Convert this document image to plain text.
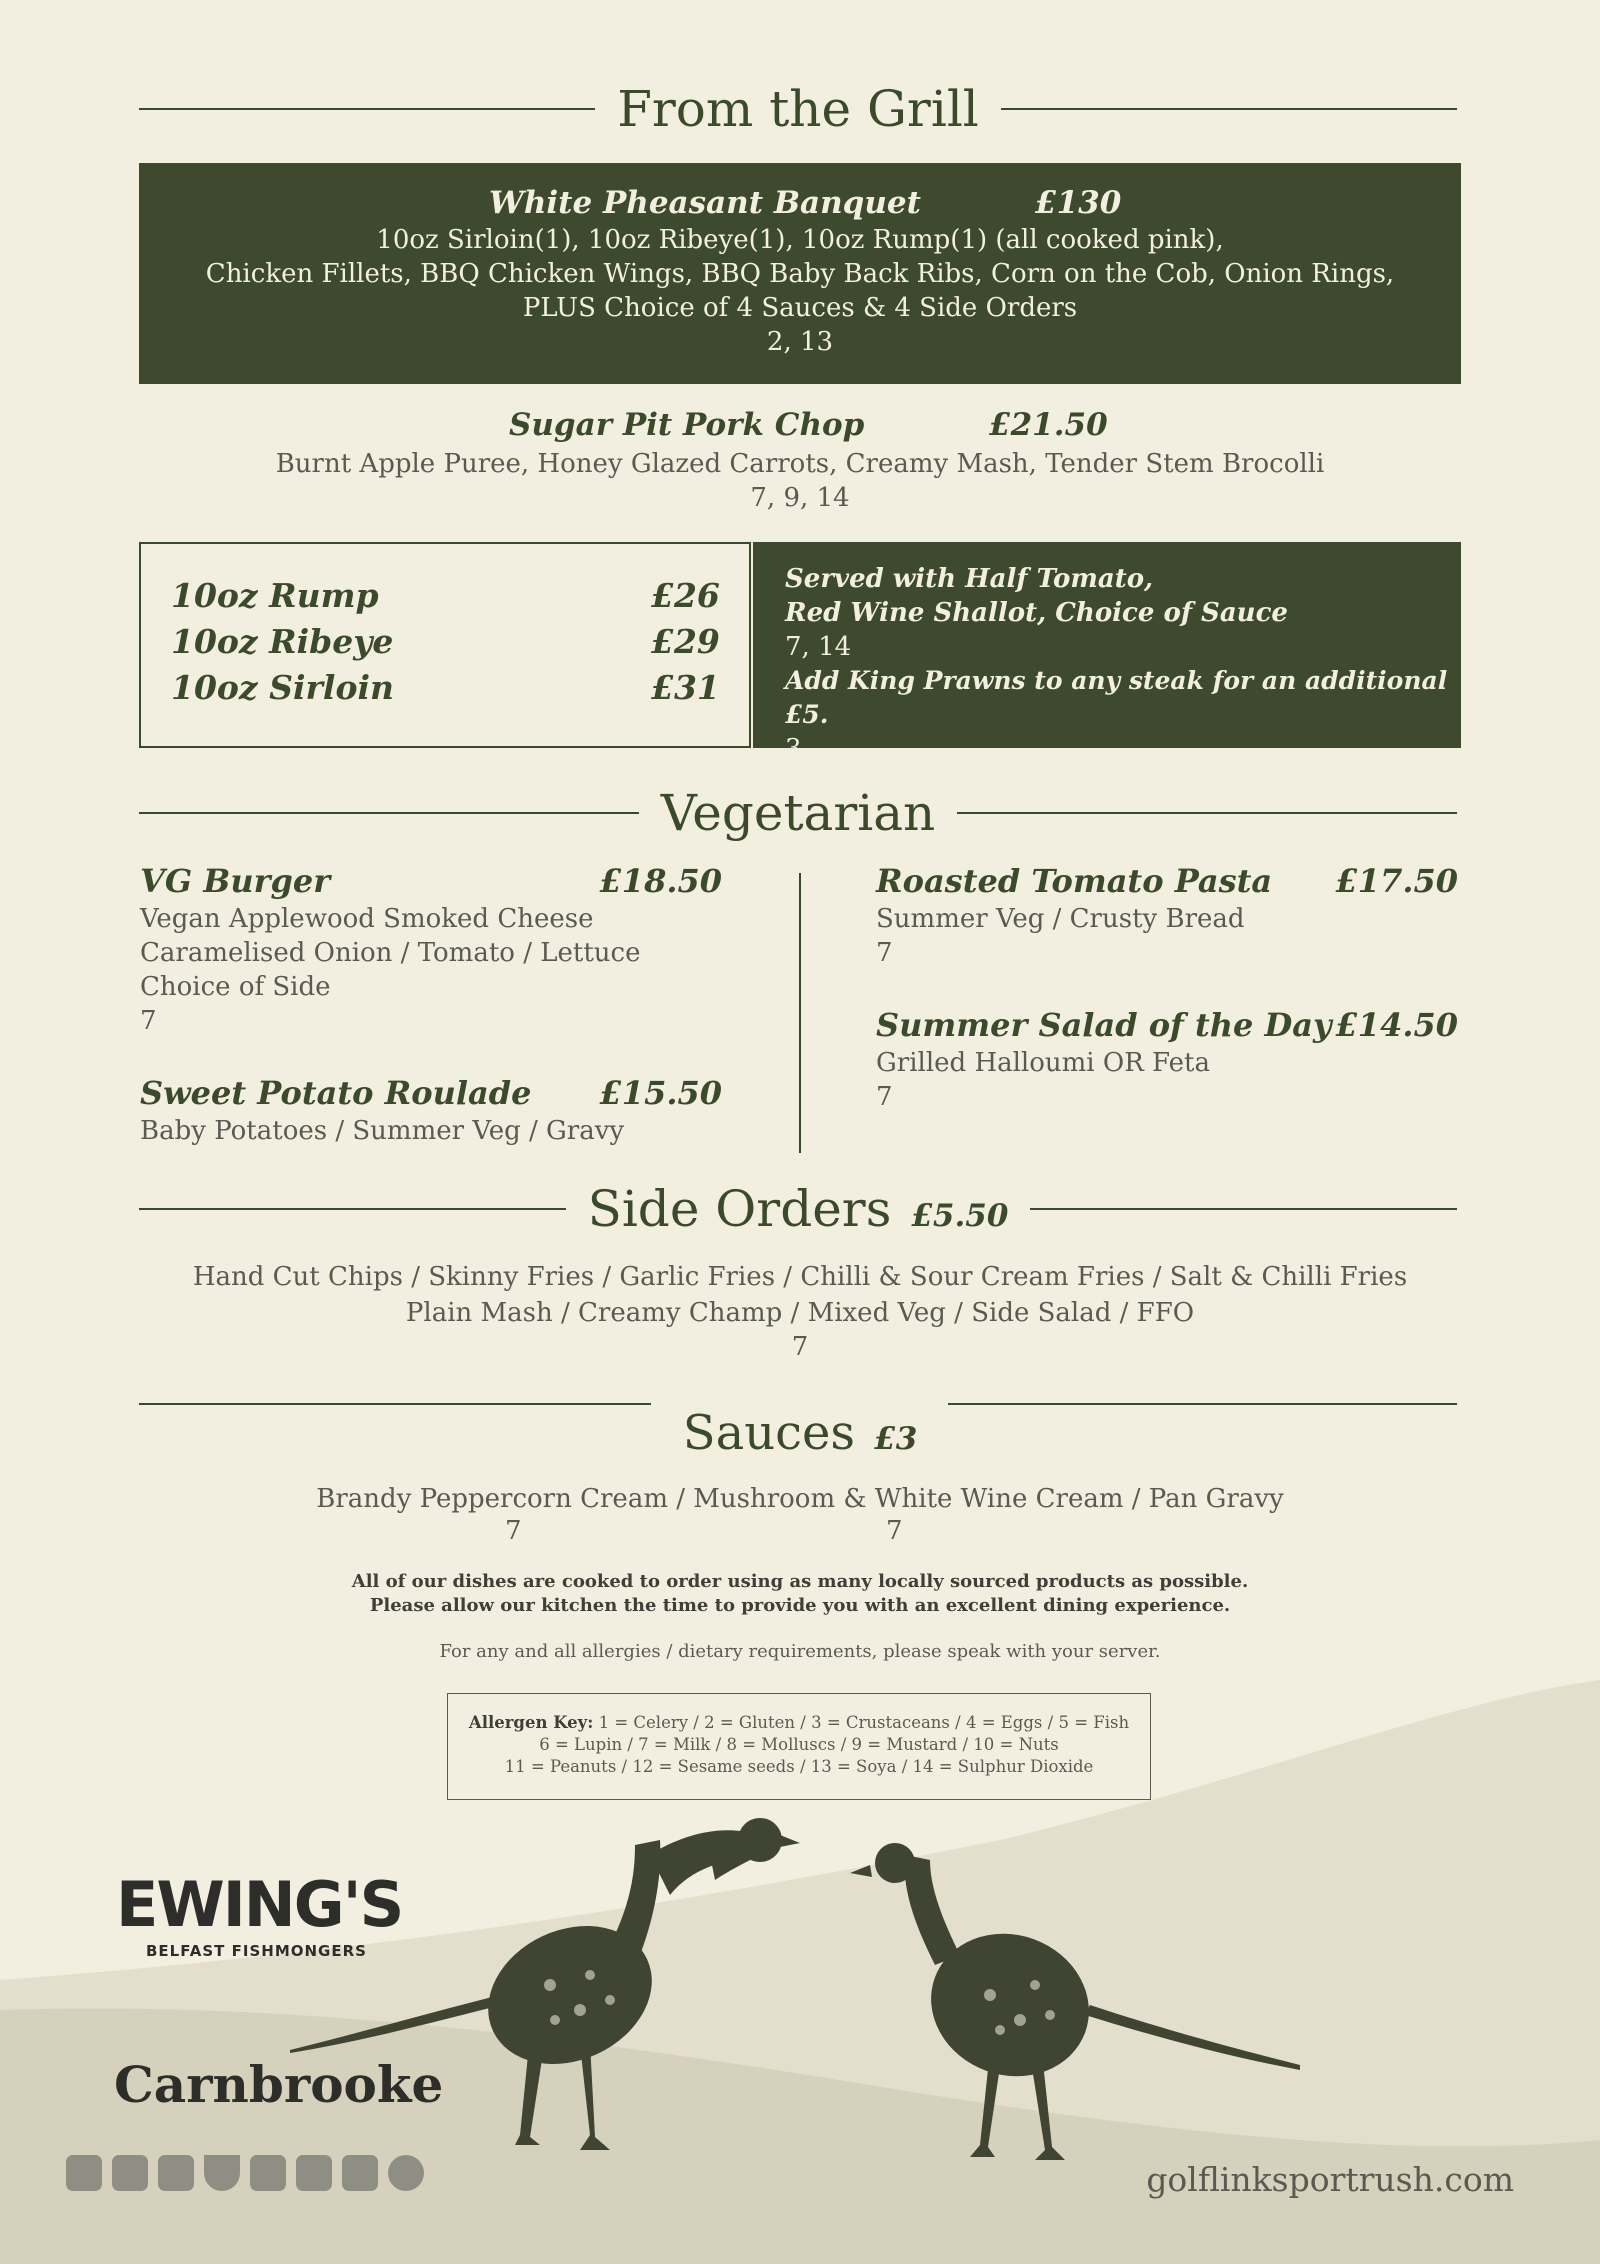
From the Grill
White Pheasant Banquet	£130
10oz Sirloin(1), 10oz Ribeye(1), 10oz Rump(1) (all cooked pink),
Chicken Fillets, BBQ Chicken Wings, BBQ Baby Back Ribs, Corn on the Cob, Onion Rings,
PLUS Choice of 4 Sauces & 4 Side Orders
2, 13
Sugar Pit Pork Chop	£21.50
Burnt Apple Puree, Honey Glazed Carrots, Creamy Mash, Tender Stem Brocolli
7, 9, 14
10oz Rump	£26
10oz Ribeye	£29
10oz Sirloin	£31
Served with Half Tomato,
Red Wine Shallot, Choice of Sauce
7, 14
Add King Prawns to any steak for an additional £5.
3
Vegetarian
VG Burger	£18.50
Vegan Applewood Smoked Cheese
Caramelised Onion / Tomato / Lettuce
Choice of Side
7
Sweet Potato Roulade £15.50
Baby Potatoes / Summer Veg / Gravy
Roasted Tomato Pasta £17.50
Summer Veg / Crusty Bread
7
Summer Salad of the Day £14.50
Grilled Halloumi OR Feta
7
Side Orders £5.50
Hand Cut Chips / Skinny Fries / Garlic Fries / Chilli & Sour Cream Fries / Salt & Chilli Fries
Plain Mash / Creamy Champ / Mixed Veg / Side Salad / FFO
7
Sauces £3
Brandy Peppercorn Cream / Mushroom & White Wine Cream / Pan Gravy
7	7
All of our dishes are cooked to order using as many locally sourced products as possible.
Please allow our kitchen the time to provide you with an excellent dining experience.
For any and all allergies / dietary requirements, please speak with your server.
Allergen Key: 1 = Celery / 2 = Gluten / 3 = Crustaceans / 4 = Eggs / 5 = Fish
6 = Lupin / 7 = Milk / 8 = Molluscs / 9 = Mustard / 10 = Nuts
11 = Peanuts / 12 = Sesame seeds / 13 = Soya / 14 = Sulphur Dioxide
EWING'S
BELFAST FISHMONGERS
Carnbrooke
golflinksportrush.com
